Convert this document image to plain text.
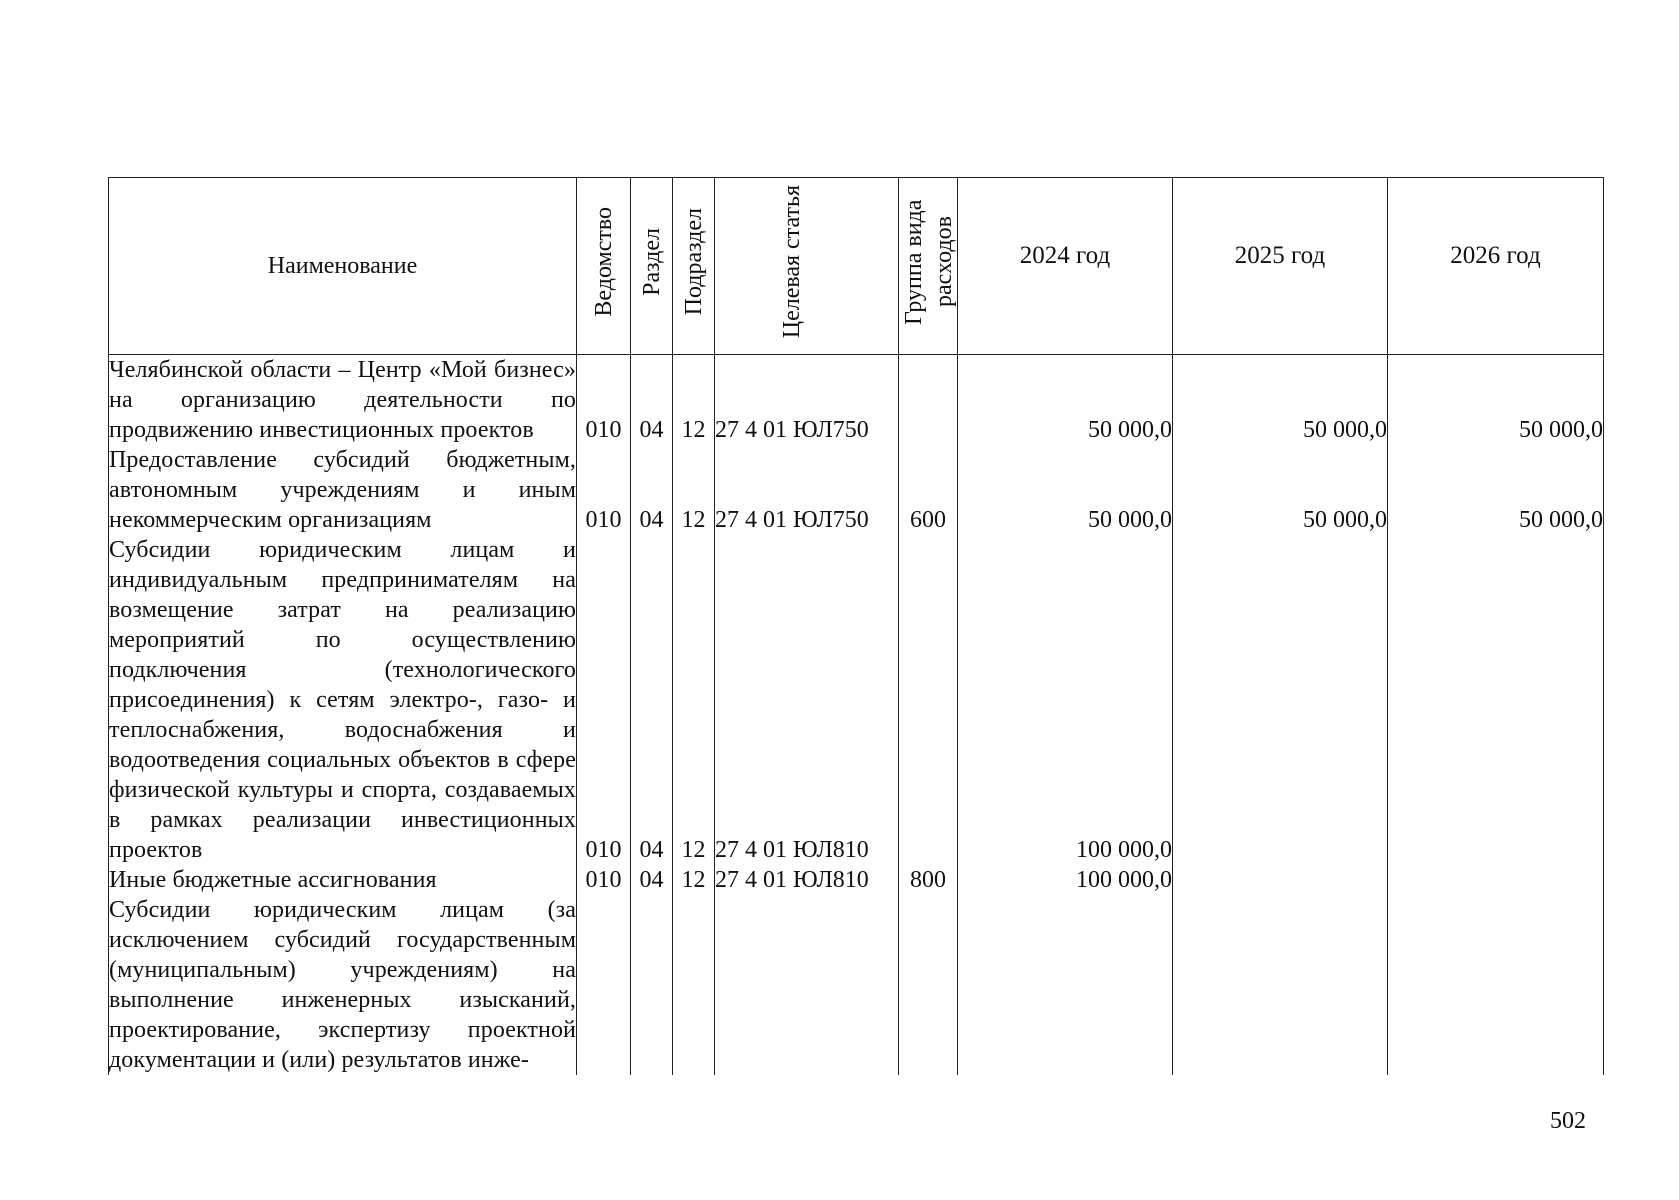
Наименование	Ведомство	Раздел	Подраздел	Целевая статья	Группа вида расходов	2024 год	2025 год	2026 год
Челябинской области – Центр «Мой бизнес» на организацию деятельности по продвижению инвестиционных проектов	010	04	12	27 4 01 ЮЛ750		50 000,0	50 000,0	50 000,0
Предоставление субсидий бюджетным, автономным учреждениям и иным некоммерческим организациям	010	04	12	27 4 01 ЮЛ750	600	50 000,0	50 000,0	50 000,0
Субсидии юридическим лицам и индивидуальным предпринимателям на возмещение затрат на реализацию мероприятий по осуществлению подключения (технологического присоединения) к сетям электро-, газо- и теплоснабжения, водоснабжения и водоотведения социальных объектов в сфере физической культуры и спорта, создаваемых в рамках реализации инвестиционных проектов	010	04	12	27 4 01 ЮЛ810		100 000,0		
Иные бюджетные ассигнования	010	04	12	27 4 01 ЮЛ810	800	100 000,0		
Субсидии юридическим лицам (за исключением субсидий государственным (муниципальным) учреждениям) на выполнение инженерных изысканий, проектирование, экспертизу проектной документации и (или) результатов инже-								
502
